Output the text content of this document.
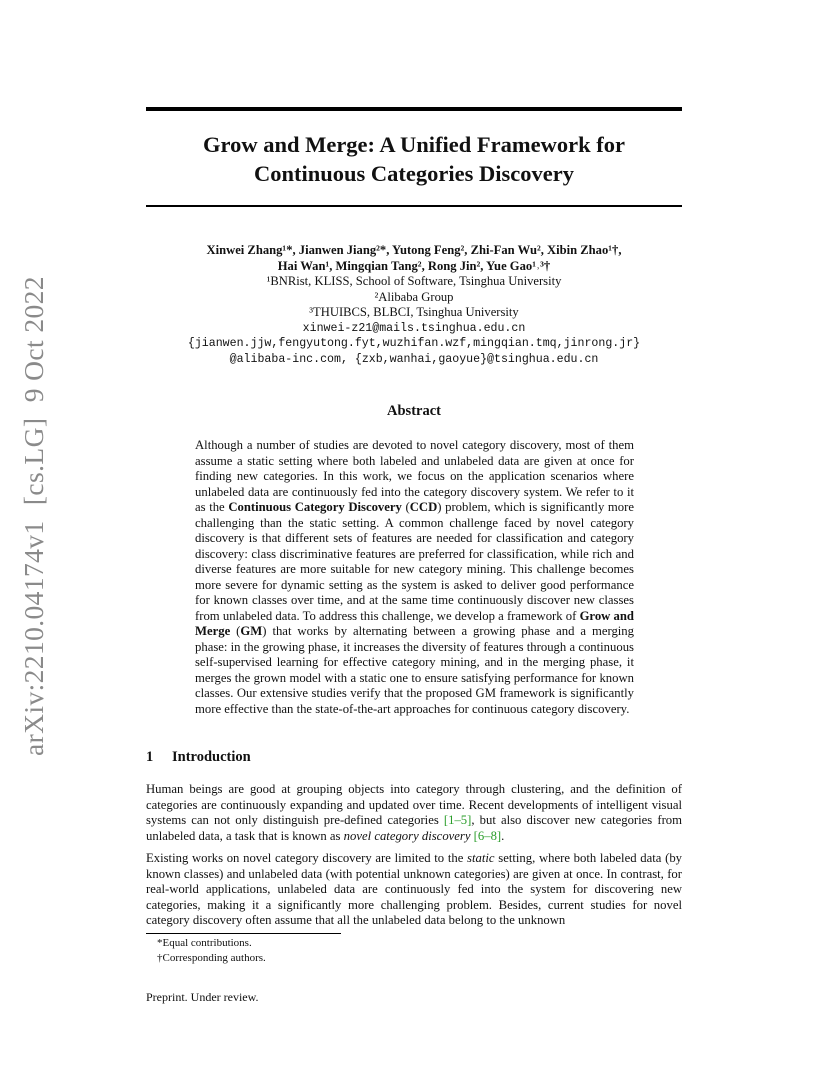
arXiv:2210.04174v1 [cs.LG] 9 Oct 2022
Grow and Merge: A Unified Framework for
Continuous Categories Discovery
Xinwei Zhang¹*, Jianwen Jiang²*, Yutong Feng², Zhi-Fan Wu², Xibin Zhao¹†,
Hai Wan¹, Mingqian Tang², Rong Jin², Yue Gao¹˒³†
¹BNRist, KLISS, School of Software, Tsinghua University
²Alibaba Group
³THUIBCS, BLBCI, Tsinghua University
xinwei-z21@mails.tsinghua.edu.cn
{jianwen.jjw,fengyutong.fyt,wuzhifan.wzf,mingqian.tmq,jinrong.jr}
@alibaba-inc.com, {zxb,wanhai,gaoyue}@tsinghua.edu.cn
Abstract
Although a number of studies are devoted to novel category discovery, most of them assume a static setting where both labeled and unlabeled data are given at once for finding new categories. In this work, we focus on the application scenarios where unlabeled data are continuously fed into the category discovery system. We refer to it as the Continuous Category Discovery (CCD) problem, which is significantly more challenging than the static setting. A common challenge faced by novel category discovery is that different sets of features are needed for classification and category discovery: class discriminative features are preferred for classification, while rich and diverse features are more suitable for new category mining. This challenge becomes more severe for dynamic setting as the system is asked to deliver good performance for known classes over time, and at the same time continuously discover new classes from unlabeled data. To address this challenge, we develop a framework of Grow and Merge (GM) that works by alternating between a growing phase and a merging phase: in the growing phase, it increases the diversity of features through a continuous self-supervised learning for effective category mining, and in the merging phase, it merges the grown model with a static one to ensure satisfying performance for known classes. Our extensive studies verify that the proposed GM framework is significantly more effective than the state-of-the-art approaches for continuous category discovery.
1 Introduction
Human beings are good at grouping objects into category through clustering, and the definition of categories are continuously expanding and updated over time. Recent developments of intelligent visual systems can not only distinguish pre-defined categories [1–5], but also discover new categories from unlabeled data, a task that is known as novel category discovery [6–8].
Existing works on novel category discovery are limited to the static setting, where both labeled data (by known classes) and unlabeled data (with potential unknown categories) are given at once. In contrast, for real-world applications, unlabeled data are continuously fed into the system for discovering new categories, making it a significantly more challenging problem. Besides, current studies for novel category discovery often assume that all the unlabeled data belong to the unknown
*Equal contributions.
†Corresponding authors.
Preprint. Under review.
